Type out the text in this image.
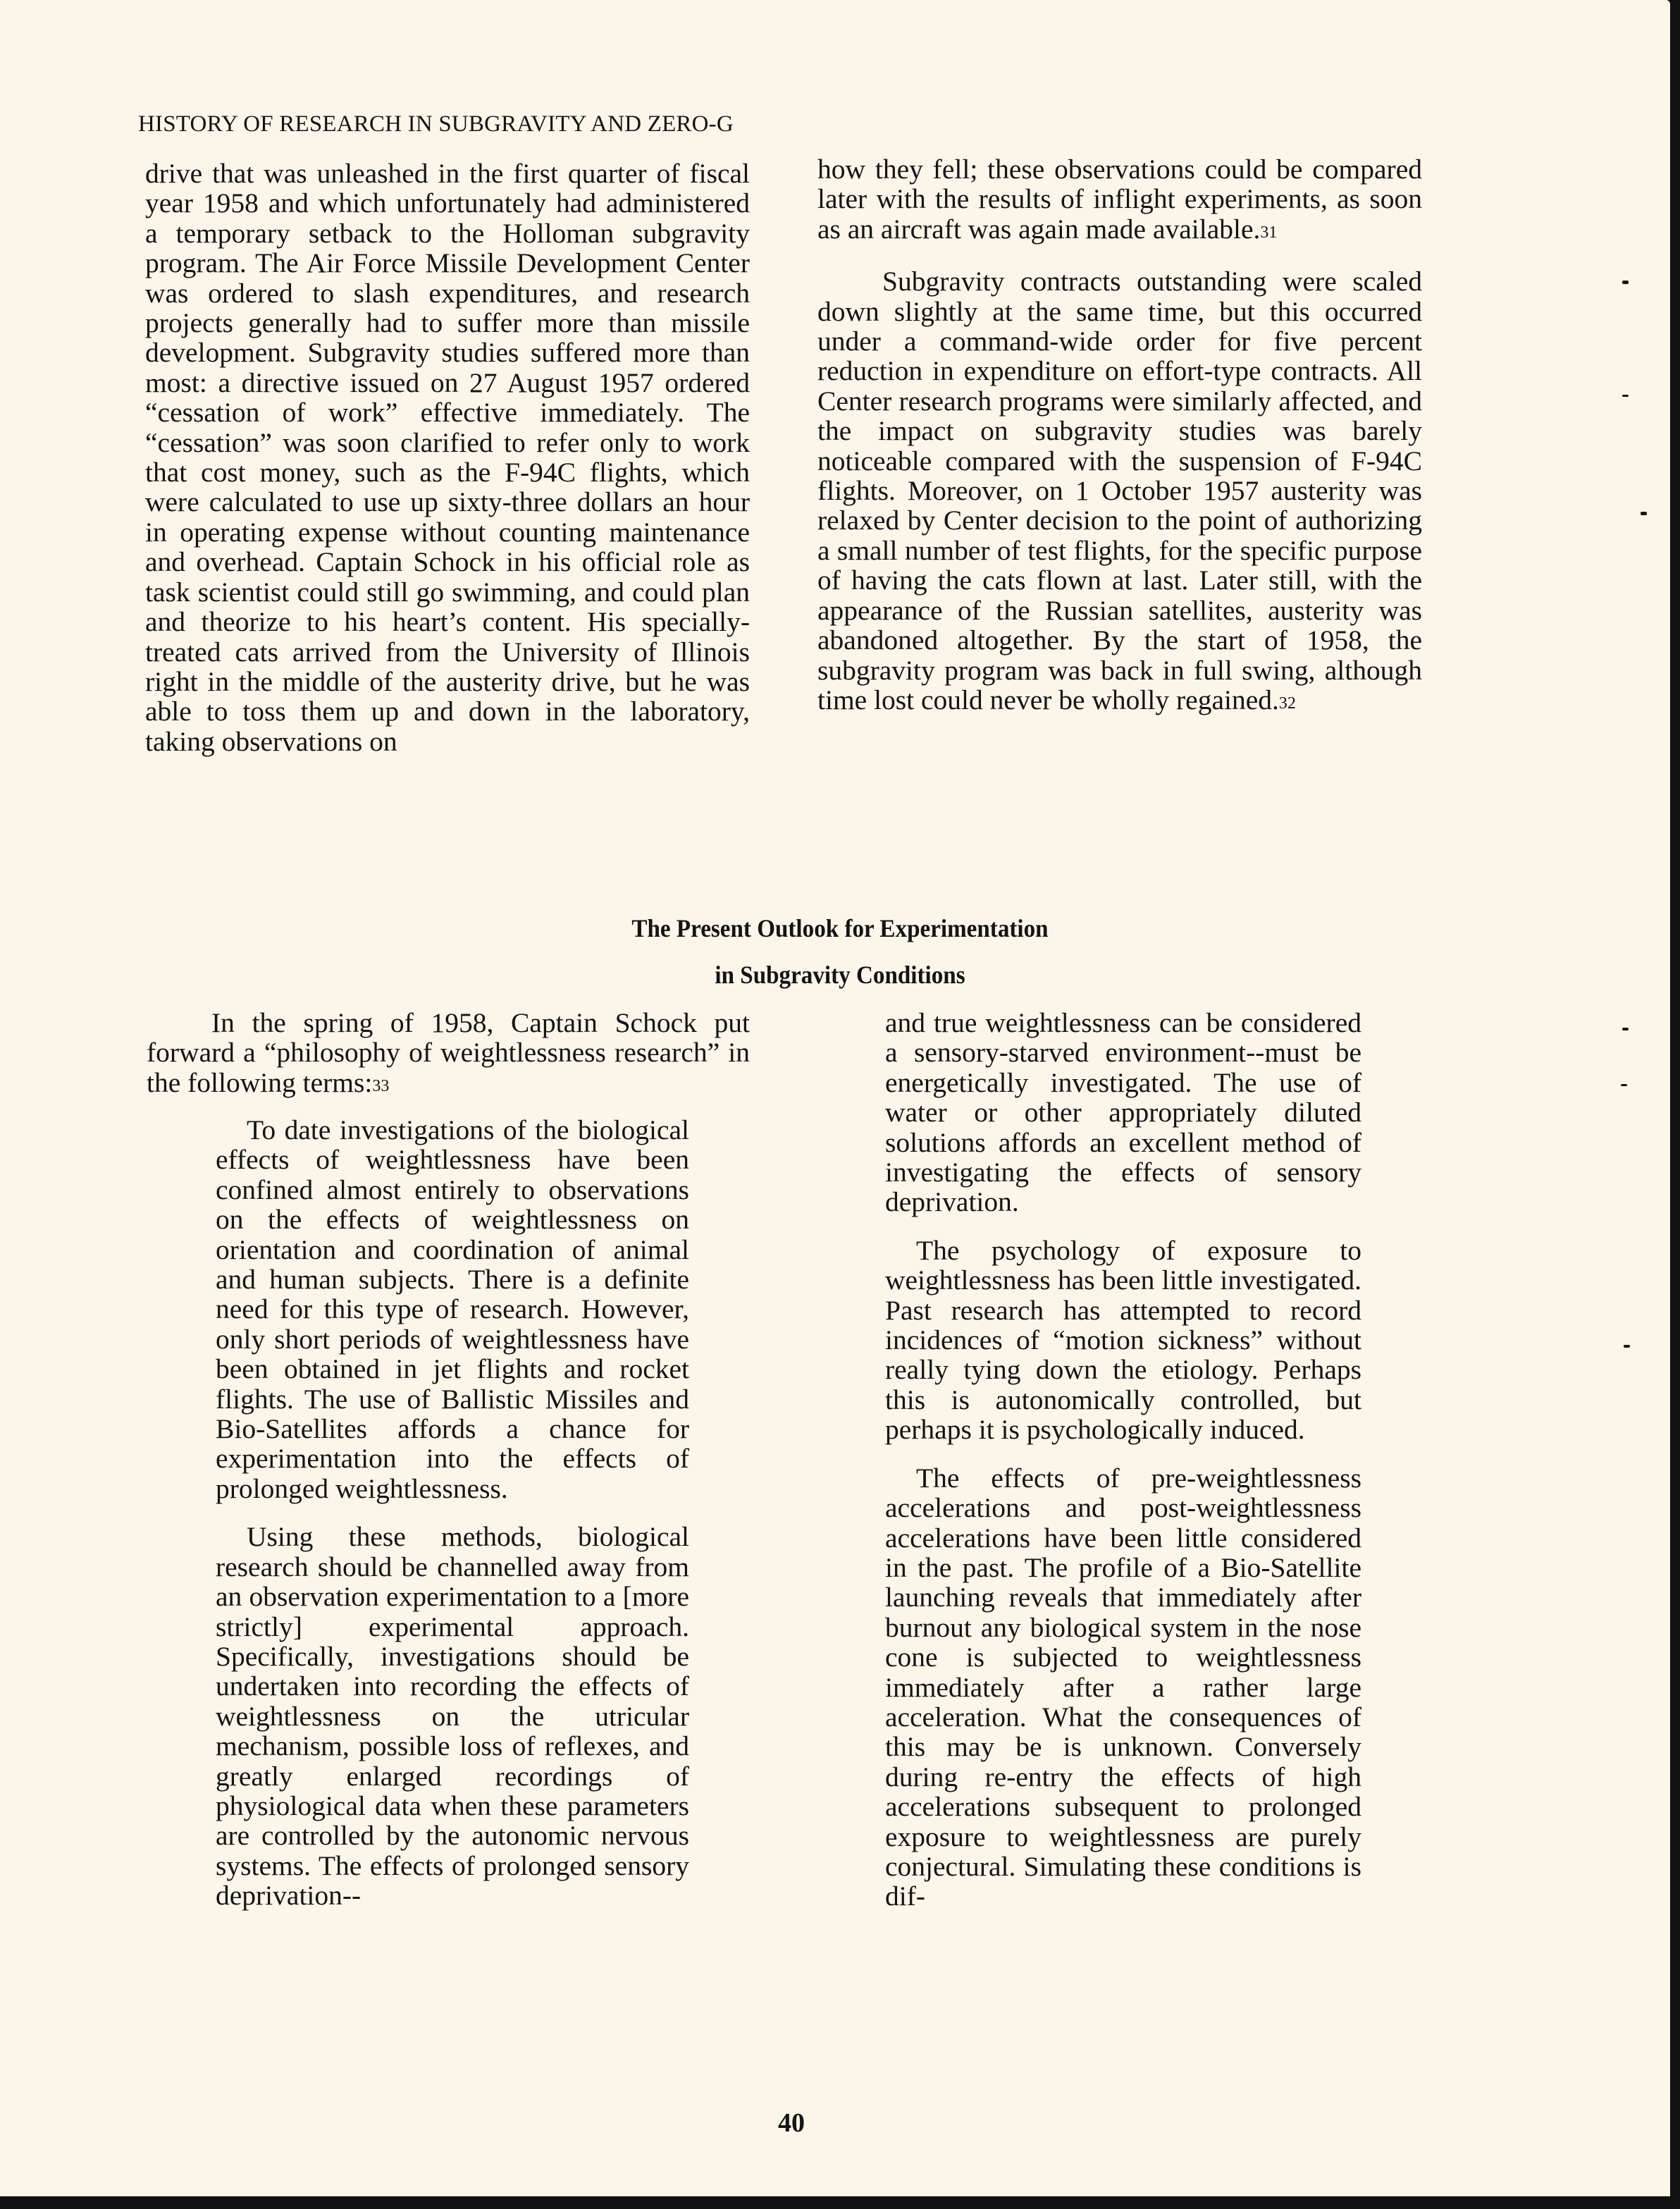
HISTORY OF RESEARCH IN SUBGRAVITY AND ZERO-G

drive that was unleashed in the first quarter of fiscal year 1958 and which unfortunately had administered a temporary setback to the Holloman subgravity program. The Air Force Missile Development Center was ordered to slash expenditures, and research projects generally had to suffer more than missile development. Subgravity studies suffered more than most: a directive issued on 27 August 1957 ordered “cessation of work” effective immediately. The “cessation” was soon clarified to refer only to work that cost money, such as the F-94C flights, which were calculated to use up sixty-three dollars an hour in operating expense without counting maintenance and overhead. Captain Schock in his official role as task scientist could still go swimming, and could plan and theorize to his heart’s content. His specially-treated cats arrived from the University of Illinois right in the middle of the austerity drive, but he was able to toss them up and down in the laboratory, taking observations on

how they fell; these observations could be compared later with the results of inflight experiments, as soon as an aircraft was again made available.$^{31}$

Subgravity contracts outstanding were scaled down slightly at the same time, but this occurred under a command-wide order for five percent reduction in expenditure on effort-type contracts. All Center research programs were similarly affected, and the impact on subgravity studies was barely noticeable compared with the suspension of F-94C flights. Moreover, on 1 October 1957 austerity was relaxed by Center decision to the point of authorizing a small number of test flights, for the specific purpose of having the cats flown at last. Later still, with the appearance of the Russian satellites, austerity was abandoned altogether. By the start of 1958, the subgravity program was back in full swing, although time lost could never be wholly regained.$^{32}$

The Present Outlook for Experimentation
in Subgravity Conditions

In the spring of 1958, Captain Schock put forward a “philosophy of weightlessness research” in the following terms:$^{33}$

To date investigations of the biological effects of weightlessness have been confined almost entirely to observations on the effects of weightlessness on orientation and coordination of animal and human subjects. There is a definite need for this type of research. However, only short periods of weightlessness have been obtained in jet flights and rocket flights. The use of Ballistic Missiles and Bio-Satellites affords a chance for experimentation into the effects of prolonged weightlessness.

Using these methods, biological research should be channelled away from an observation experimentation to a [more strictly] experimental approach. Specifically, investigations should be undertaken into recording the effects of weightlessness on the utricular mechanism, possible loss of reflexes, and greatly enlarged recordings of physiological data when these parameters are controlled by the autonomic nervous systems. The effects of prolonged sensory deprivation--

and true weightlessness can be considered a sensory-starved environment--must be energetically investigated. The use of water or other appropriately diluted solutions affords an excellent method of investigating the effects of sensory deprivation.

The psychology of exposure to weightlessness has been little investigated. Past research has attempted to record incidences of “motion sickness” without really tying down the etiology. Perhaps this is autonomically controlled, but perhaps it is psychologically induced.

The effects of pre-weightlessness accelerations and post-weightlessness accelerations have been little considered in the past. The profile of a Bio-Satellite launching reveals that immediately after burnout any biological system in the nose cone is subjected to weightlessness immediately after a rather large acceleration. What the consequences of this may be is unknown. Conversely during re-entry the effects of high accelerations subsequent to prolonged exposure to weightlessness are purely conjectural. Simulating these conditions is dif-

40
